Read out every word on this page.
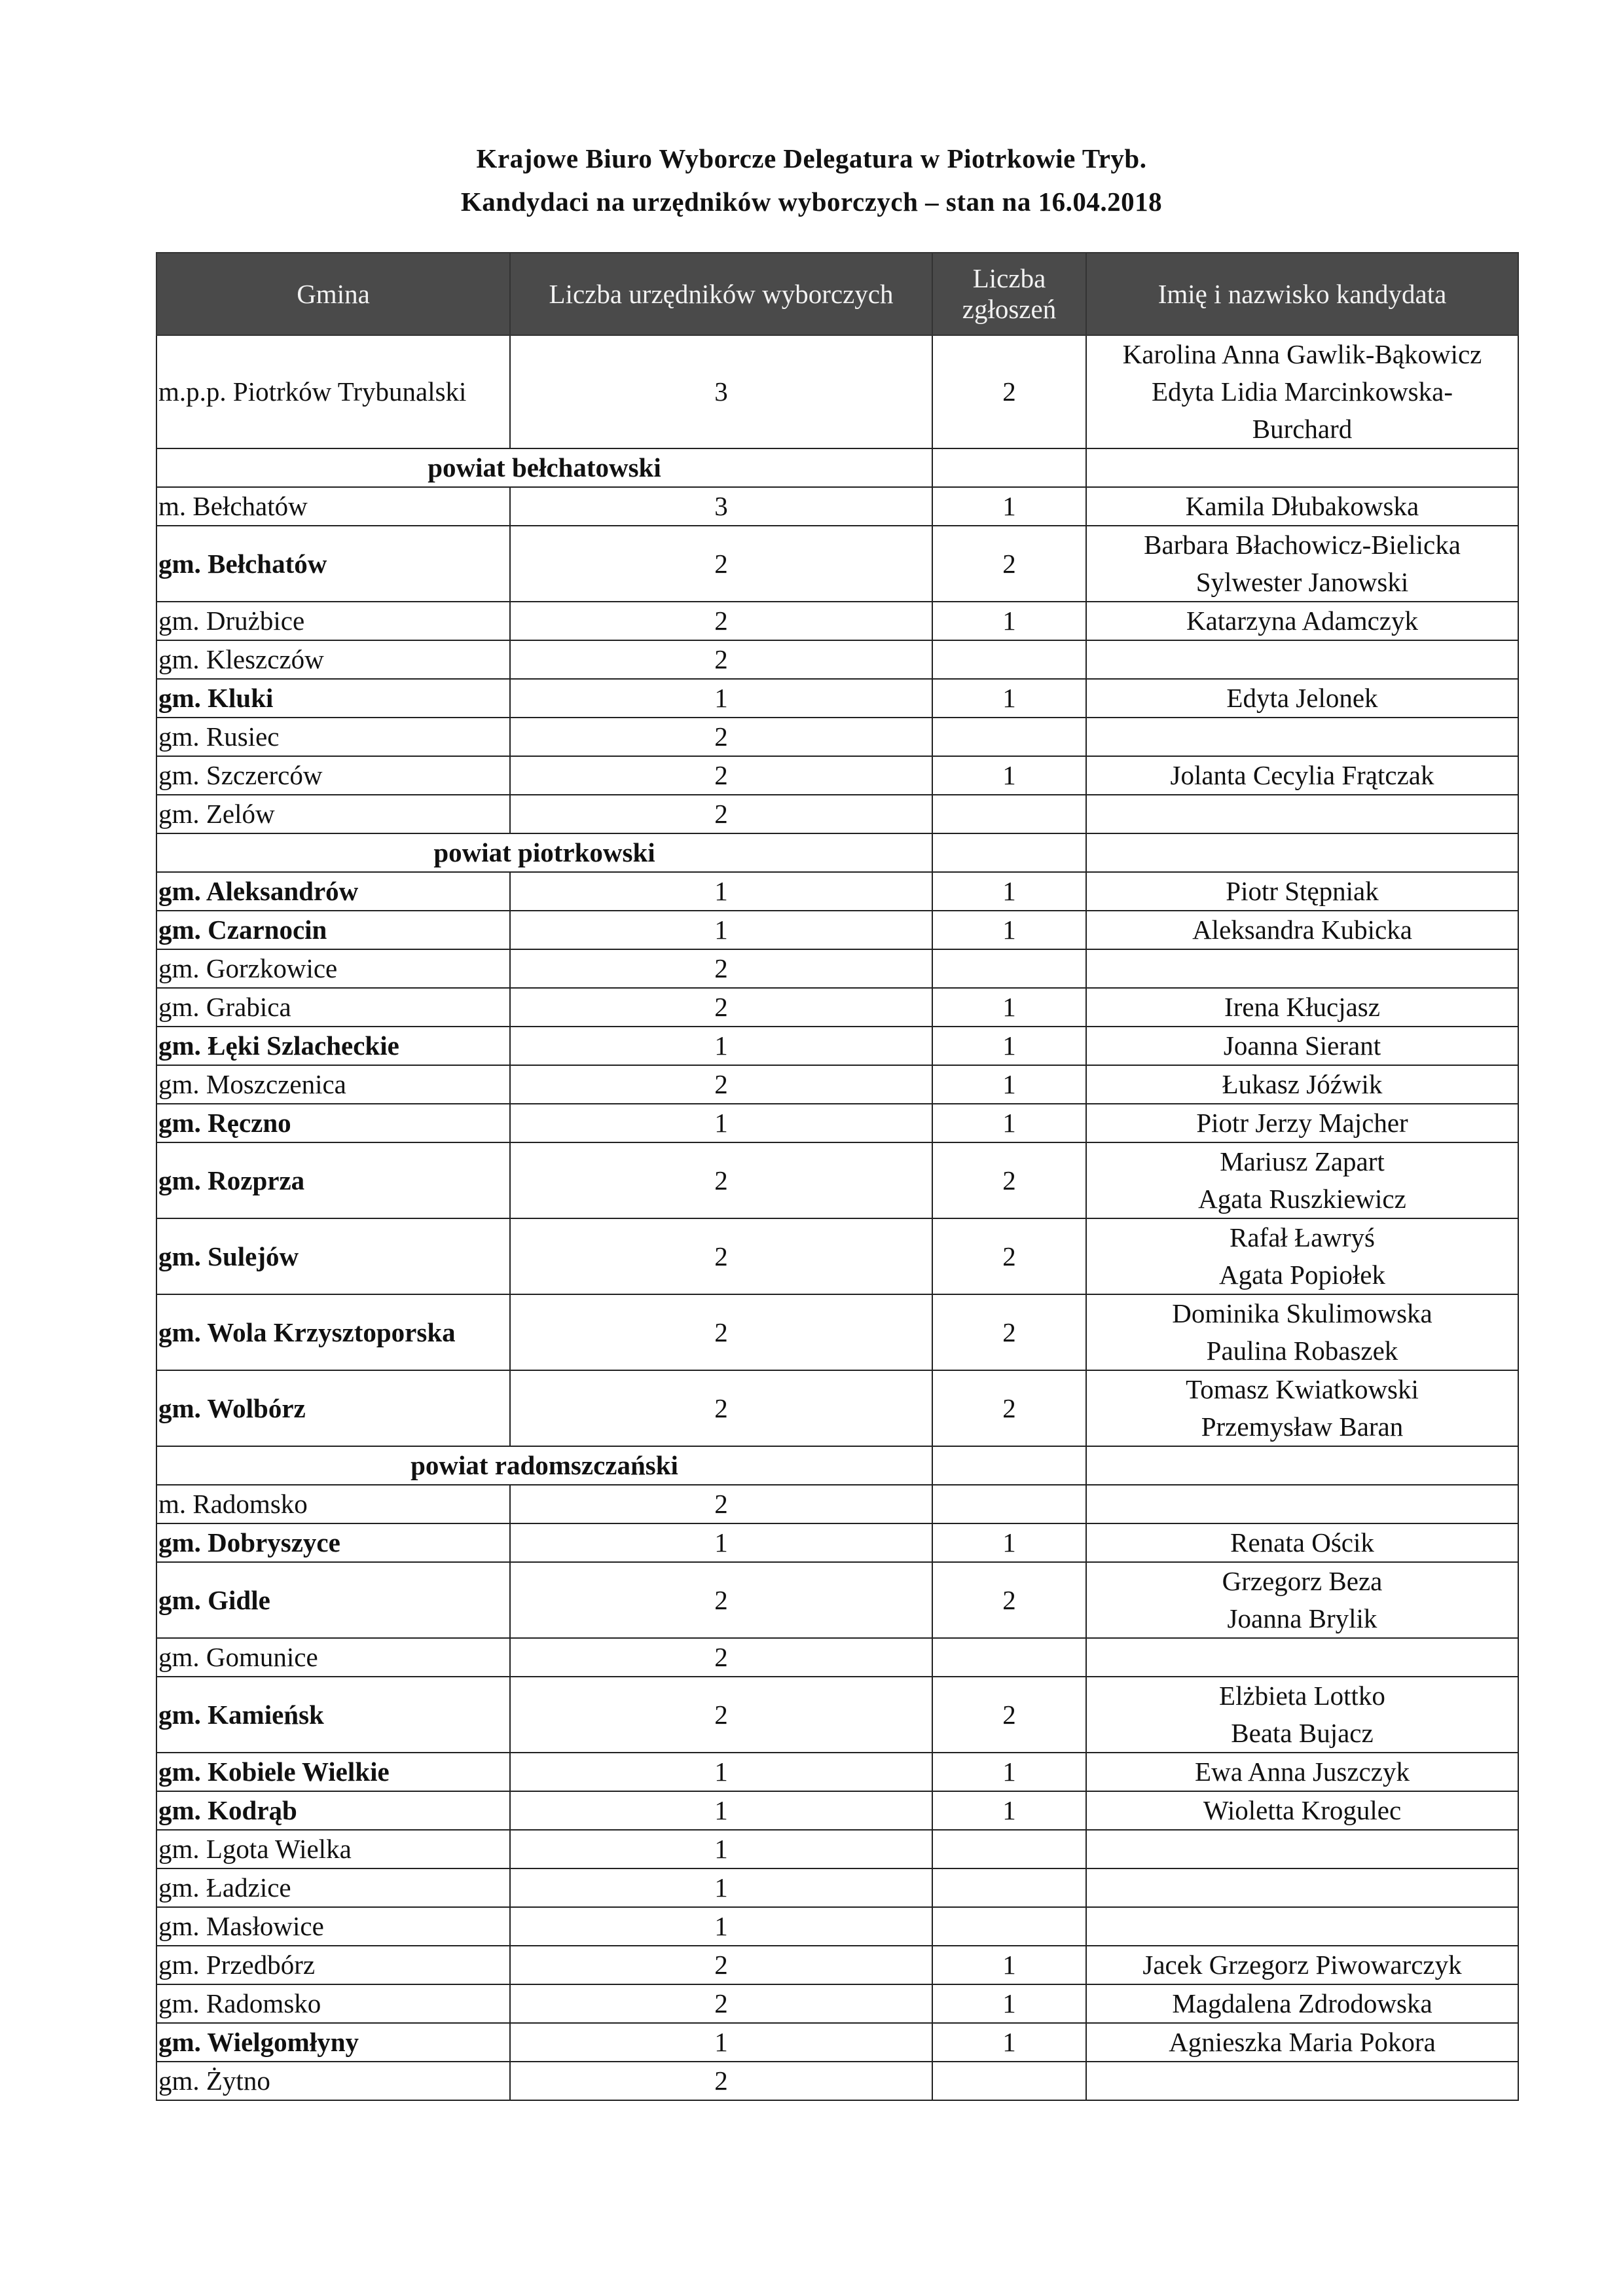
Krajowe Biuro Wyborcze Delegatura w Piotrkowie Tryb.
Kandydaci na urzędników wyborczych – stan na 16.04.2018
Gmina	Liczba urzędników wyborczych	Liczba zgłoszeń	Imię i nazwisko kandydata
m.p.p. Piotrków Trybunalski	3	2	Karolina Anna Gawlik-Bąkowicz
Edyta Lidia Marcinkowska-
Burchard

powiat bełchatowski			
m. Bełchatów	3	1	Kamila Dłubakowska

gm. Bełchatów	2	2	Barbara Błachowicz-Bielicka
Sylwester Janowski

gm. Drużbice	2	1	Katarzyna Adamczyk

gm. Kleszczów	2		
gm. Kluki	1	1	Edyta Jelonek

gm. Rusiec	2		
gm. Szczerców	2	1	Jolanta Cecylia Frątczak

gm. Zelów	2		
powiat piotrkowski			
gm. Aleksandrów	1	1	Piotr Stępniak

gm. Czarnocin	1	1	Aleksandra Kubicka

gm. Gorzkowice	2		
gm. Grabica	2	1	Irena Kłucjasz

gm. Łęki Szlacheckie	1	1	Joanna Sierant

gm. Moszczenica	2	1	Łukasz Jóźwik

gm. Ręczno	1	1	Piotr Jerzy Majcher

gm. Rozprza	2	2	Mariusz Zapart
Agata Ruszkiewicz

gm. Sulejów	2	2	Rafał Ławryś
Agata Popiołek

gm. Wola Krzysztoporska	2	2	Dominika Skulimowska
Paulina Robaszek

gm. Wolbórz	2	2	Tomasz Kwiatkowski
Przemysław Baran

powiat radomszczański			
m. Radomsko	2		
gm. Dobryszyce	1	1	Renata Ościk

gm. Gidle	2	2	Grzegorz Beza
Joanna Brylik

gm. Gomunice	2		
gm. Kamieńsk	2	2	Elżbieta Lottko
Beata Bujacz

gm. Kobiele Wielkie	1	1	Ewa Anna Juszczyk

gm. Kodrąb	1	1	Wioletta Krogulec

gm. Lgota Wielka	1		
gm. Ładzice	1		
gm. Masłowice	1		
gm. Przedbórz	2	1	Jacek Grzegorz Piwowarczyk

gm. Radomsko	2	1	Magdalena Zdrodowska

gm. Wielgomłyny	1	1	Agnieszka Maria Pokora

gm. Żytno	2		
